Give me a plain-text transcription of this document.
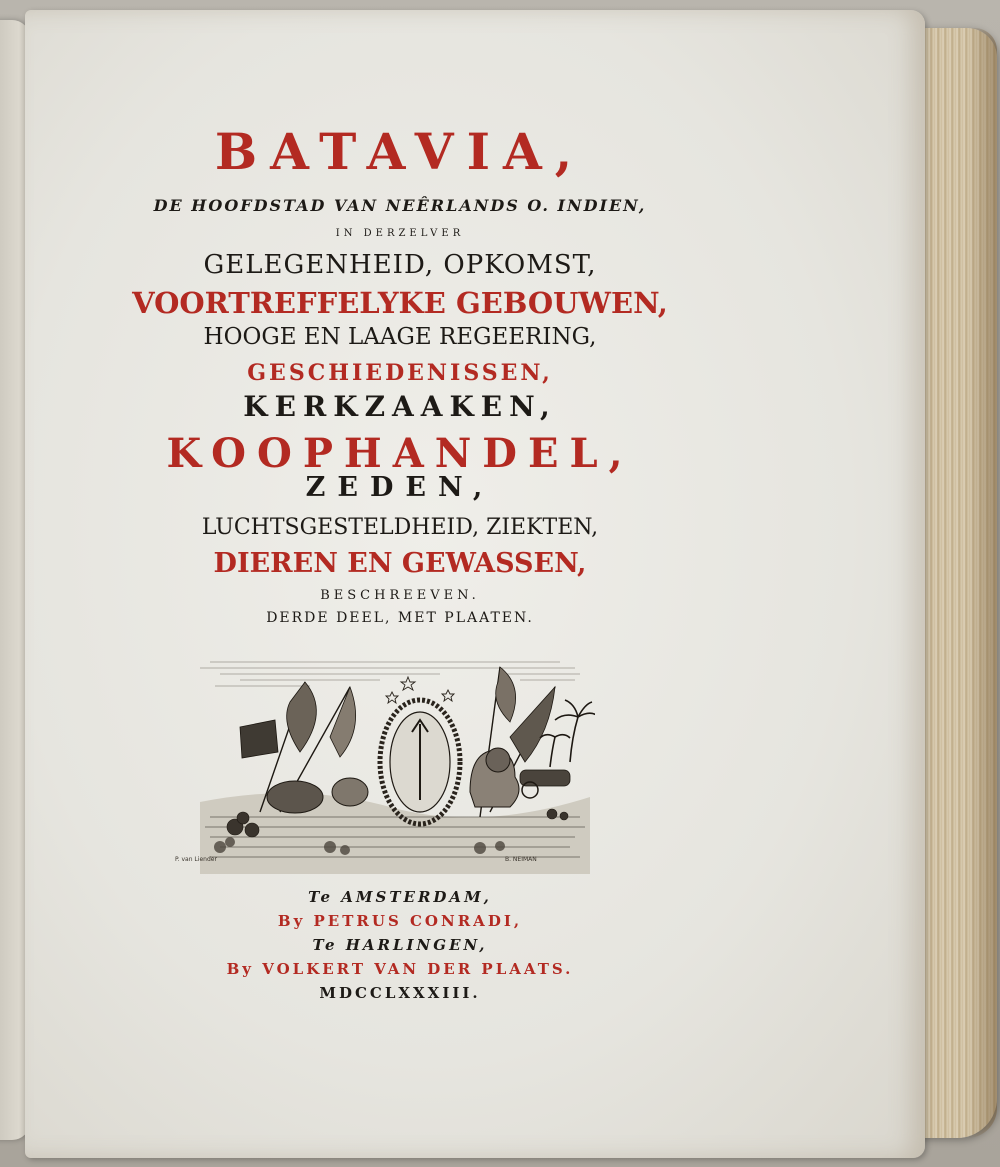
BATAVIA,
DE HOOFDSTAD VAN NEÊRLANDS O. INDIEN,
IN DERZELVER
GELEGENHEID, OPKOMST,
VOORTREFFELYKE GEBOUWEN,
HOOGE EN LAAGE REGEERING,
GESCHIEDENISSEN,
KERKZAAKEN,
KOOPHANDEL,
ZEDEN,
LUCHTSGESTELDHEID, ZIEKTEN,
DIEREN EN GEWASSEN,
BESCHREEVEN.
DERDE DEEL, MET PLAATEN.
Te AMSTERDAM,
By PETRUS CONRADI,
Te HARLINGEN,
By VOLKERT VAN DER PLAATS.
MDCCLXXXIII.
P. van Liender	B. NEIMAN
